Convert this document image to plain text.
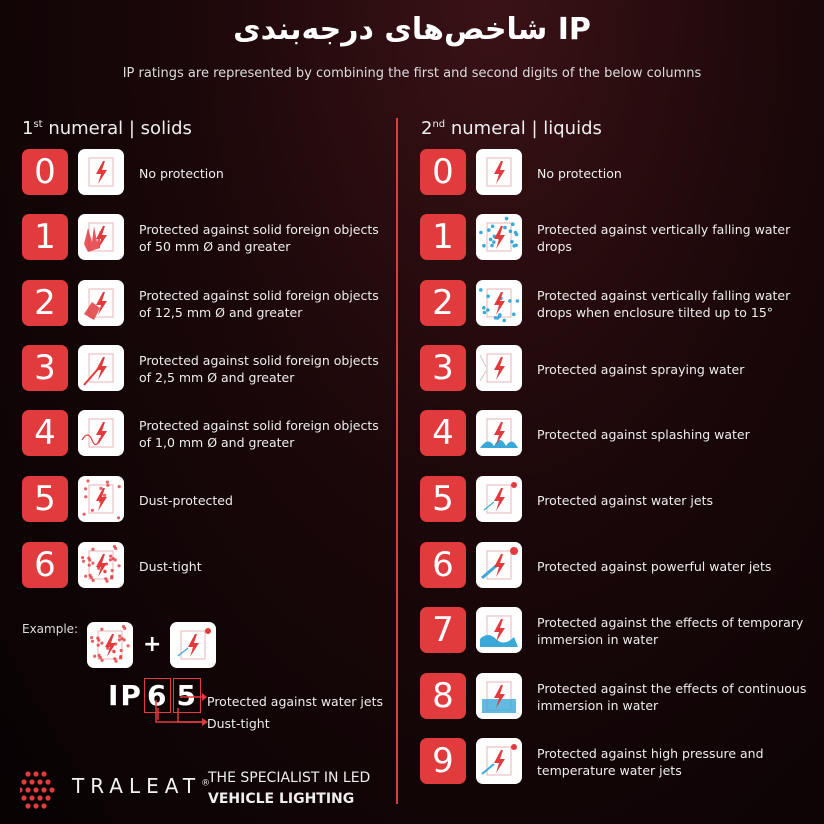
شاخص‌های درجه‌بندی IP
IP ratings are represented by combining the first and second digits of the below columns
1st numeral | solids	2nd numeral | liquids
0	No protection
1	Protected against solid foreign objects of 50 mm Ø and greater
2	Protected against solid foreign objects of 12,5 mm Ø and greater
3	Protected against solid foreign objects of 2,5 mm Ø and greater
4	Protected against solid foreign objects of 1,0 mm Ø and greater
5	Dust-protected
6	Dust-tight
0	No protection
1	Protected against vertically falling water drops
2	Protected against vertically falling water drops when enclosure tilted up to 15°
3	Protected against spraying water
4	Protected against splashing water
5	Protected against water jets
6	Protected against powerful water jets
7	Protected against the effects of temporary immersion in water
8	Protected against the effects of continuous immersion in water
9	Protected against high pressure and temperature water jets
Example:
+
IP 6 5 Protected against water jets
Dust-tight
TRALEAT®
THE SPECIALIST IN LED
VEHICLE LIGHTING
